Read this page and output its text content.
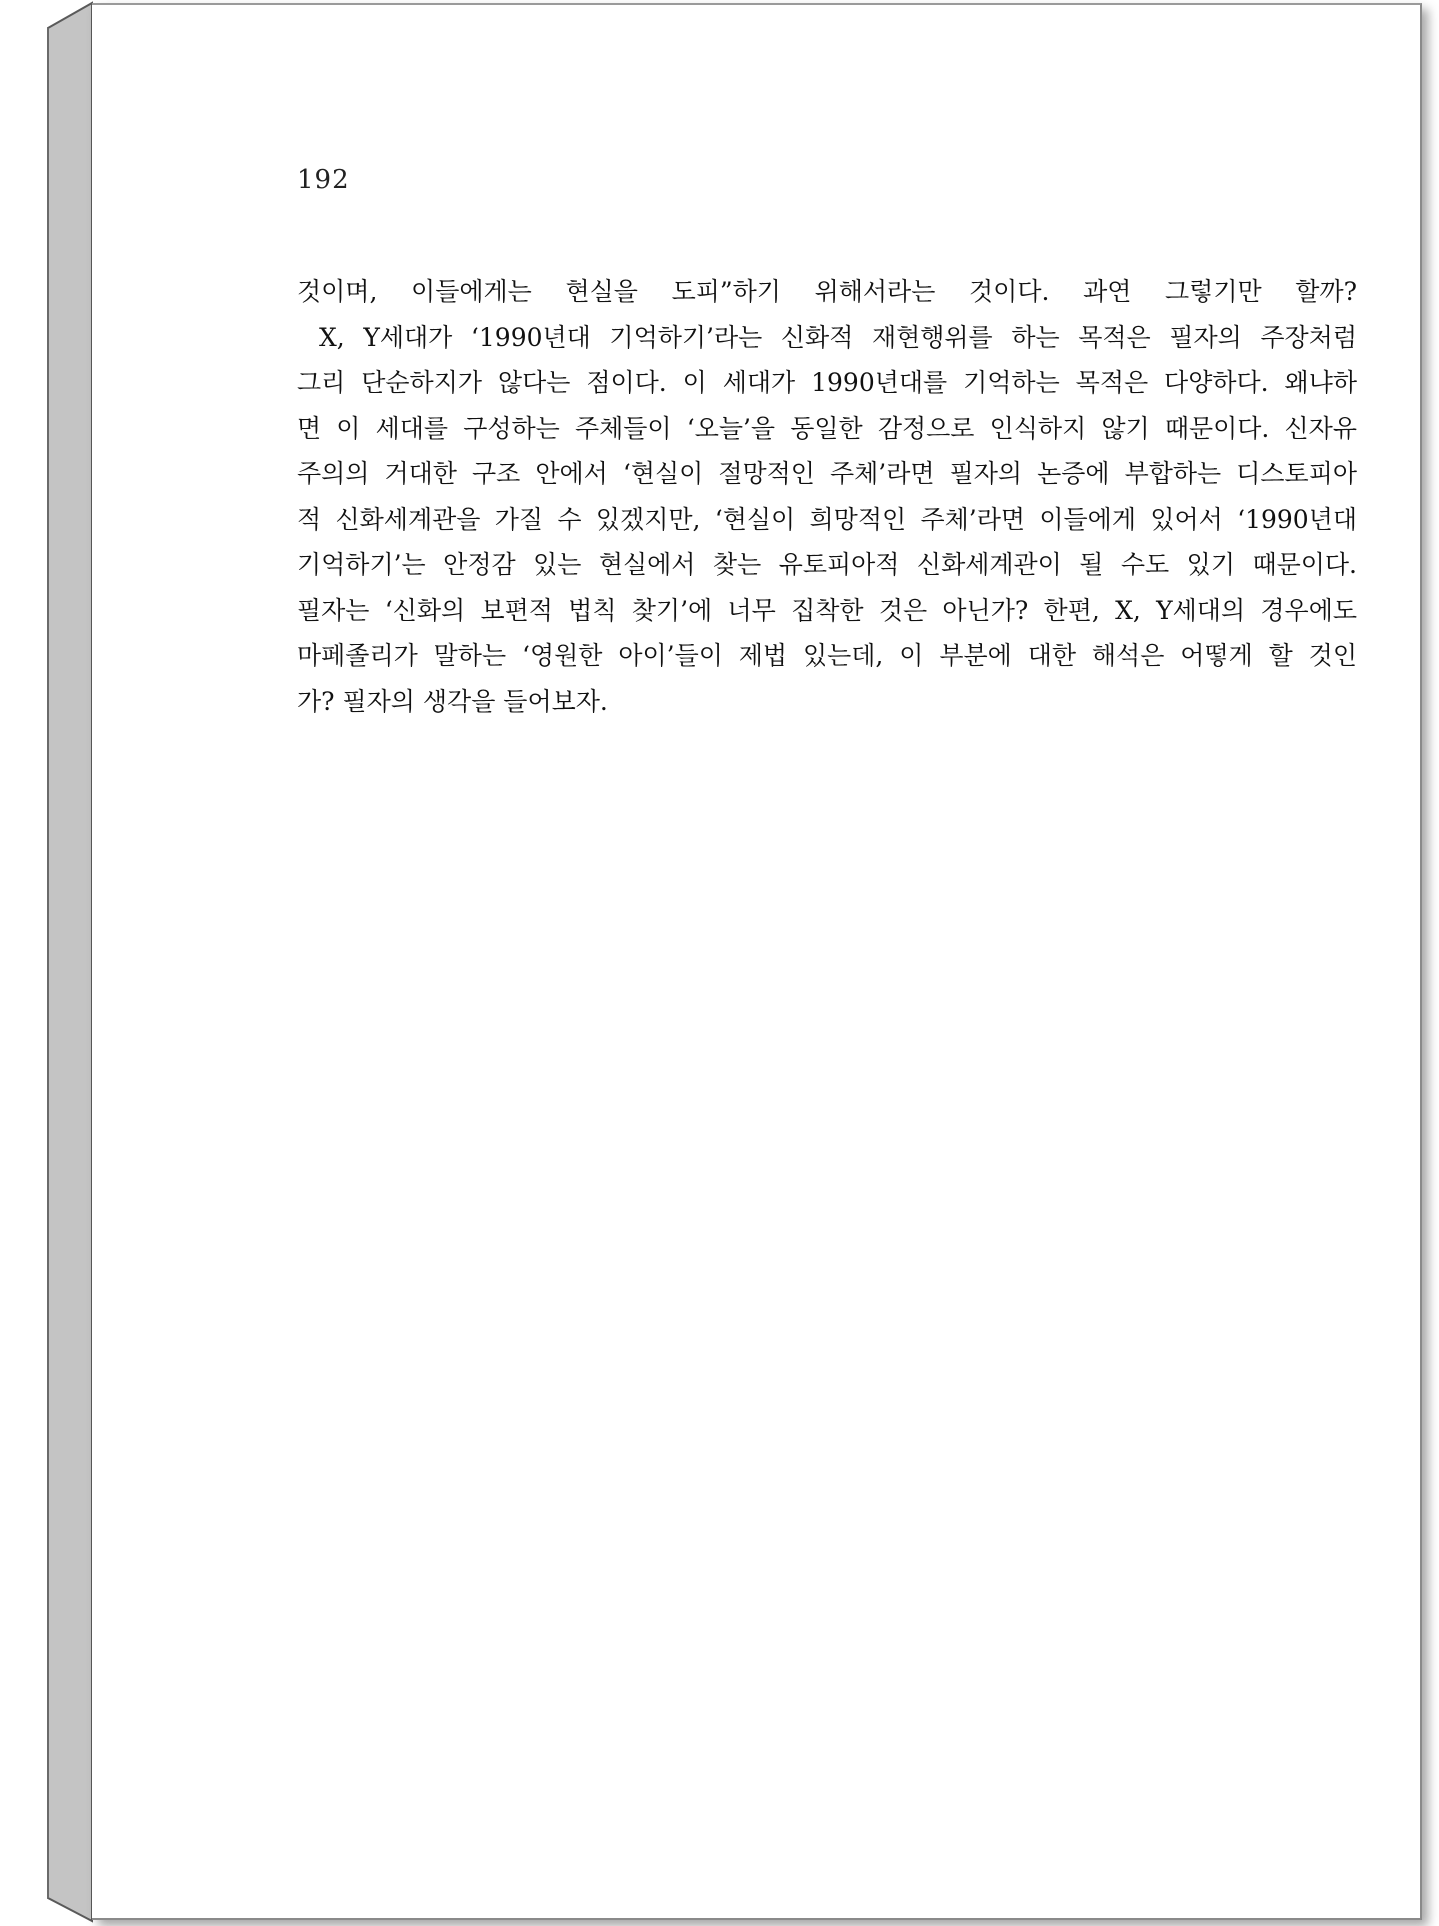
192
것이며, 이들에게는 현실을 도피”하기 위해서라는 것이다. 과연 그렇기만 할까?
X, Y세대가 ‘1990년대 기억하기’라는 신화적 재현행위를 하는 목적은 필자의 주장처럼
그리 단순하지가 않다는 점이다. 이 세대가 1990년대를 기억하는 목적은 다양하다. 왜냐하
면 이 세대를 구성하는 주체들이 ‘오늘’을 동일한 감정으로 인식하지 않기 때문이다. 신자유
주의의 거대한 구조 안에서 ‘현실이 절망적인 주체’라면 필자의 논증에 부합하는 디스토피아
적 신화세계관을 가질 수 있겠지만, ‘현실이 희망적인 주체’라면 이들에게 있어서 ‘1990년대
기억하기’는 안정감 있는 현실에서 찾는 유토피아적 신화세계관이 될 수도 있기 때문이다.
필자는 ‘신화의 보편적 법칙 찾기’에 너무 집착한 것은 아닌가? 한편, X, Y세대의 경우에도
마페졸리가 말하는 ‘영원한 아이’들이 제법 있는데, 이 부분에 대한 해석은 어떻게 할 것인
가? 필자의 생각을 들어보자.
